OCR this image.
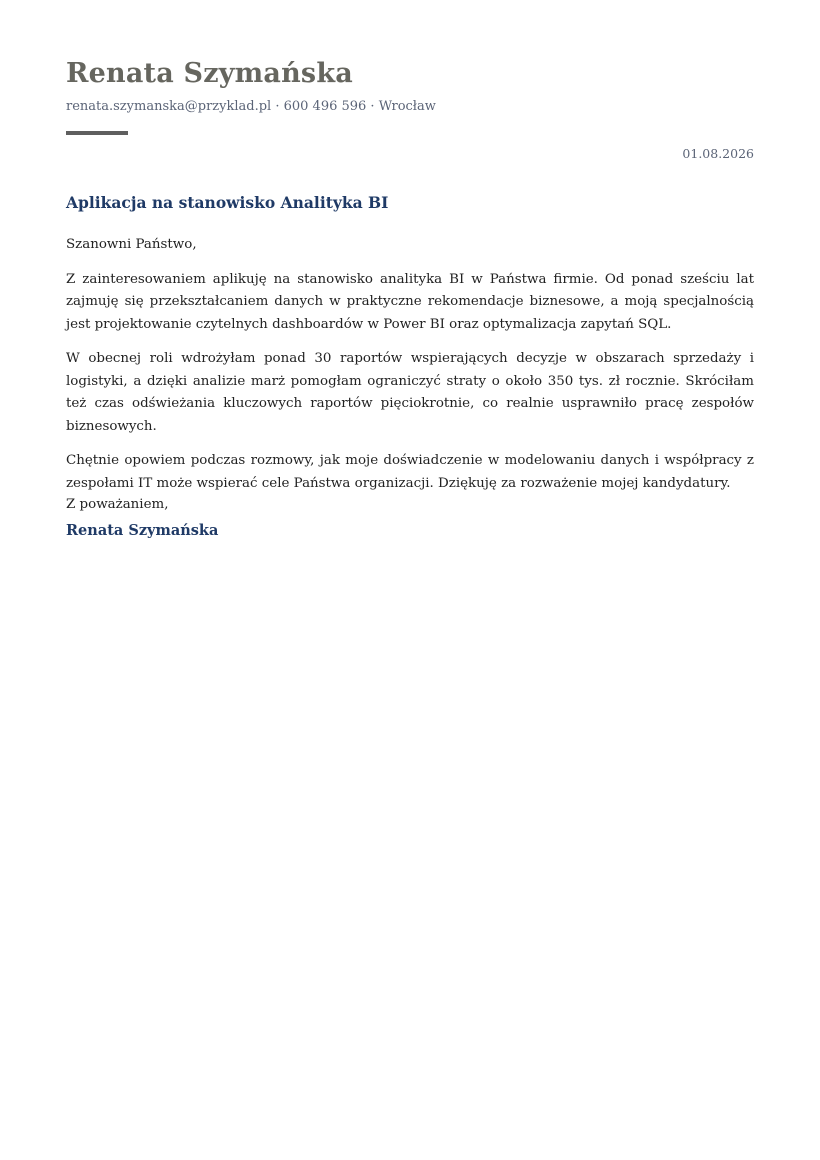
Renata Szymańska
renata.szymanska@przyklad.pl · 600 496 596 · Wrocław
01.08.2026
Aplikacja na stanowisko Analityka BI

Szanowni Państwo,

Z zainteresowaniem aplikuję na stanowisko analityka BI w Państwa firmie. Od ponad sześciu lat zajmuję się przekształcaniem danych w praktyczne rekomendacje biznesowe, a moją specjalnością jest projektowanie czytelnych dashboardów w Power BI oraz optymalizacja zapytań SQL.

W obecnej roli wdrożyłam ponad 30 raportów wspierających decyzje w obszarach sprzedaży i logistyki, a dzięki analizie marż pomogłam ograniczyć straty o około 350 tys. zł rocznie. Skróciłam też czas odświeżania kluczowych raportów pięciokrotnie, co realnie usprawniło pracę zespołów biznesowych.

Chętnie opowiem podczas rozmowy, jak moje doświadczenie w modelowaniu danych i współpracy z zespołami IT może wspierać cele Państwa organizacji. Dziękuję za rozważenie mojej kandydatury.

Z poważaniem,
Renata Szymańska
